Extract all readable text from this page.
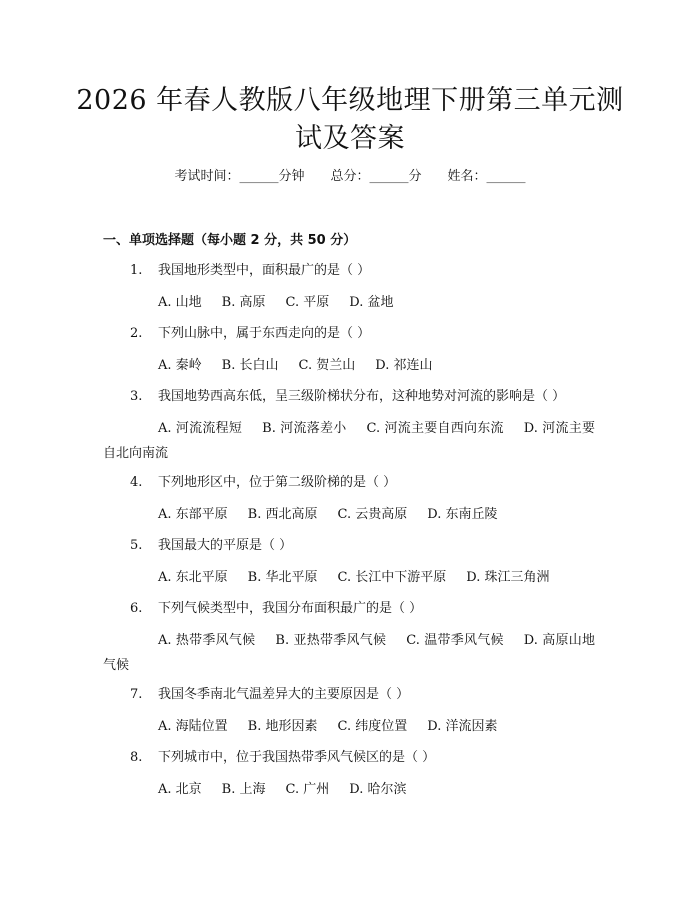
2026 年春人教版八年级地理下册第三单元测
试及答案
考试时间：______分钟 总分：______分 姓名：______
一、单项选择题（每小题 2 分，共 50 分）
1. 我国地形类型中，面积最广的是（ ）
A. 山地 B. 高原 C. 平原 D. 盆地
2. 下列山脉中，属于东西走向的是（ ）
A. 秦岭 B. 长白山 C. 贺兰山 D. 祁连山
3. 我国地势西高东低，呈三级阶梯状分布，这种地势对河流的影响是（ ）
A. 河流流程短 B. 河流落差小 C. 河流主要自西向东流 D. 河流主要自北向南流
4. 下列地形区中，位于第二级阶梯的是（ ）
A. 东部平原 B. 西北高原 C. 云贵高原 D. 东南丘陵
5. 我国最大的平原是（ ）
A. 东北平原 B. 华北平原 C. 长江中下游平原 D. 珠江三角洲
6. 下列气候类型中，我国分布面积最广的是（ ）
A. 热带季风气候 B. 亚热带季风气候 C. 温带季风气候 D. 高原山地气候
7. 我国冬季南北气温差异大的主要原因是（ ）
A. 海陆位置 B. 地形因素 C. 纬度位置 D. 洋流因素
8. 下列城市中，位于我国热带季风气候区的是（ ）
A. 北京 B. 上海 C. 广州 D. 哈尔滨
